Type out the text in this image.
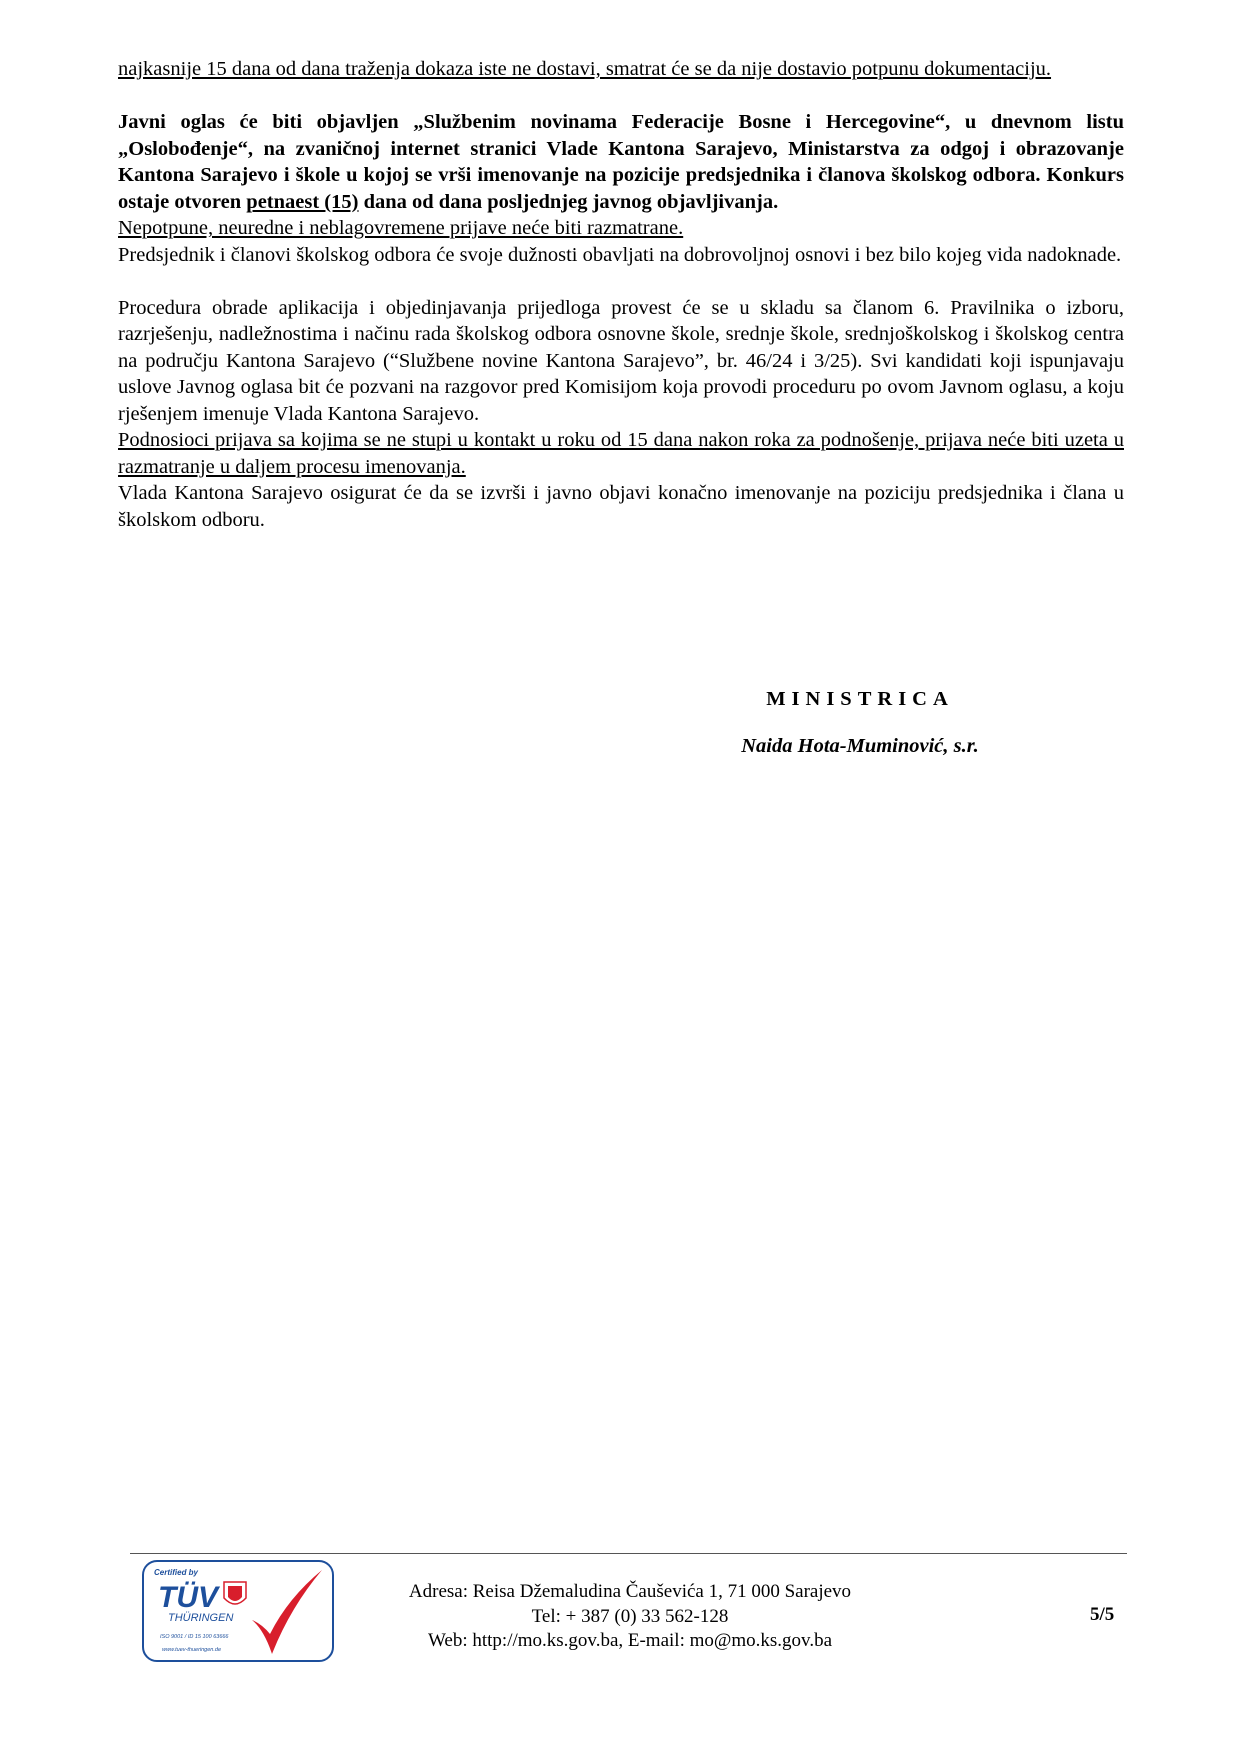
najkasnije 15 dana od dana traženja dokaza iste ne dostavi, smatrat će se da nije dostavio potpunu dokumentaciju.

Javni oglas će biti objavljen „Službenim novinama Federacije Bosne i Hercegovine“, u dnevnom listu „Oslobođenje“, na zvaničnoj internet stranici Vlade Kantona Sarajevo, Ministarstva za odgoj i obrazovanje Kantona Sarajevo i škole u kojoj se vrši imenovanje na pozicije predsjednika i članova školskog odbora. Konkurs ostaje otvoren petnaest (15) dana od dana posljednjeg javnog objavljivanja.

Nepotpune, neuredne i neblagovremene prijave neće biti razmatrane.

Predsjednik i članovi školskog odbora će svoje dužnosti obavljati na dobrovoljnoj osnovi i bez bilo kojeg vida nadoknade.

Procedura obrade aplikacija i objedinjavanja prijedloga provest će se u skladu sa članom 6. Pravilnika o izboru, razrješenju, nadležnostima i načinu rada školskog odbora osnovne škole, srednje škole, srednjoškolskog i školskog centra na području Kantona Sarajevo (“Službene novine Kantona Sarajevo”, br. 46/24 i 3/25). Svi kandidati koji ispunjavaju uslove Javnog oglasa bit će pozvani na razgovor pred Komisijom koja provodi proceduru po ovom Javnom oglasu, a koju rješenjem imenuje Vlada Kantona Sarajevo.

Podnosioci prijava sa kojima se ne stupi u kontakt u roku od 15 dana nakon roka za podnošenje, prijava neće biti uzeta u razmatranje u daljem procesu imenovanja.

Vlada Kantona Sarajevo osigurat će da se izvrši i javno objavi konačno imenovanje na poziciju predsjednika i člana u školskom odboru.

MINISTRICA

Naida Hota-Muminović, s.r.

Certified by
TÜV
THÜRINGEN
ISO 9001 / ID 15 100 63666
www.tuev-thueringen.de

Adresa: Reisa Džemaludina Čauševića 1, 71 000 Sarajevo

Tel: + 387 (0) 33 562-128

Web: http://mo.ks.gov.ba, E-mail: mo@mo.ks.gov.ba

5/5
